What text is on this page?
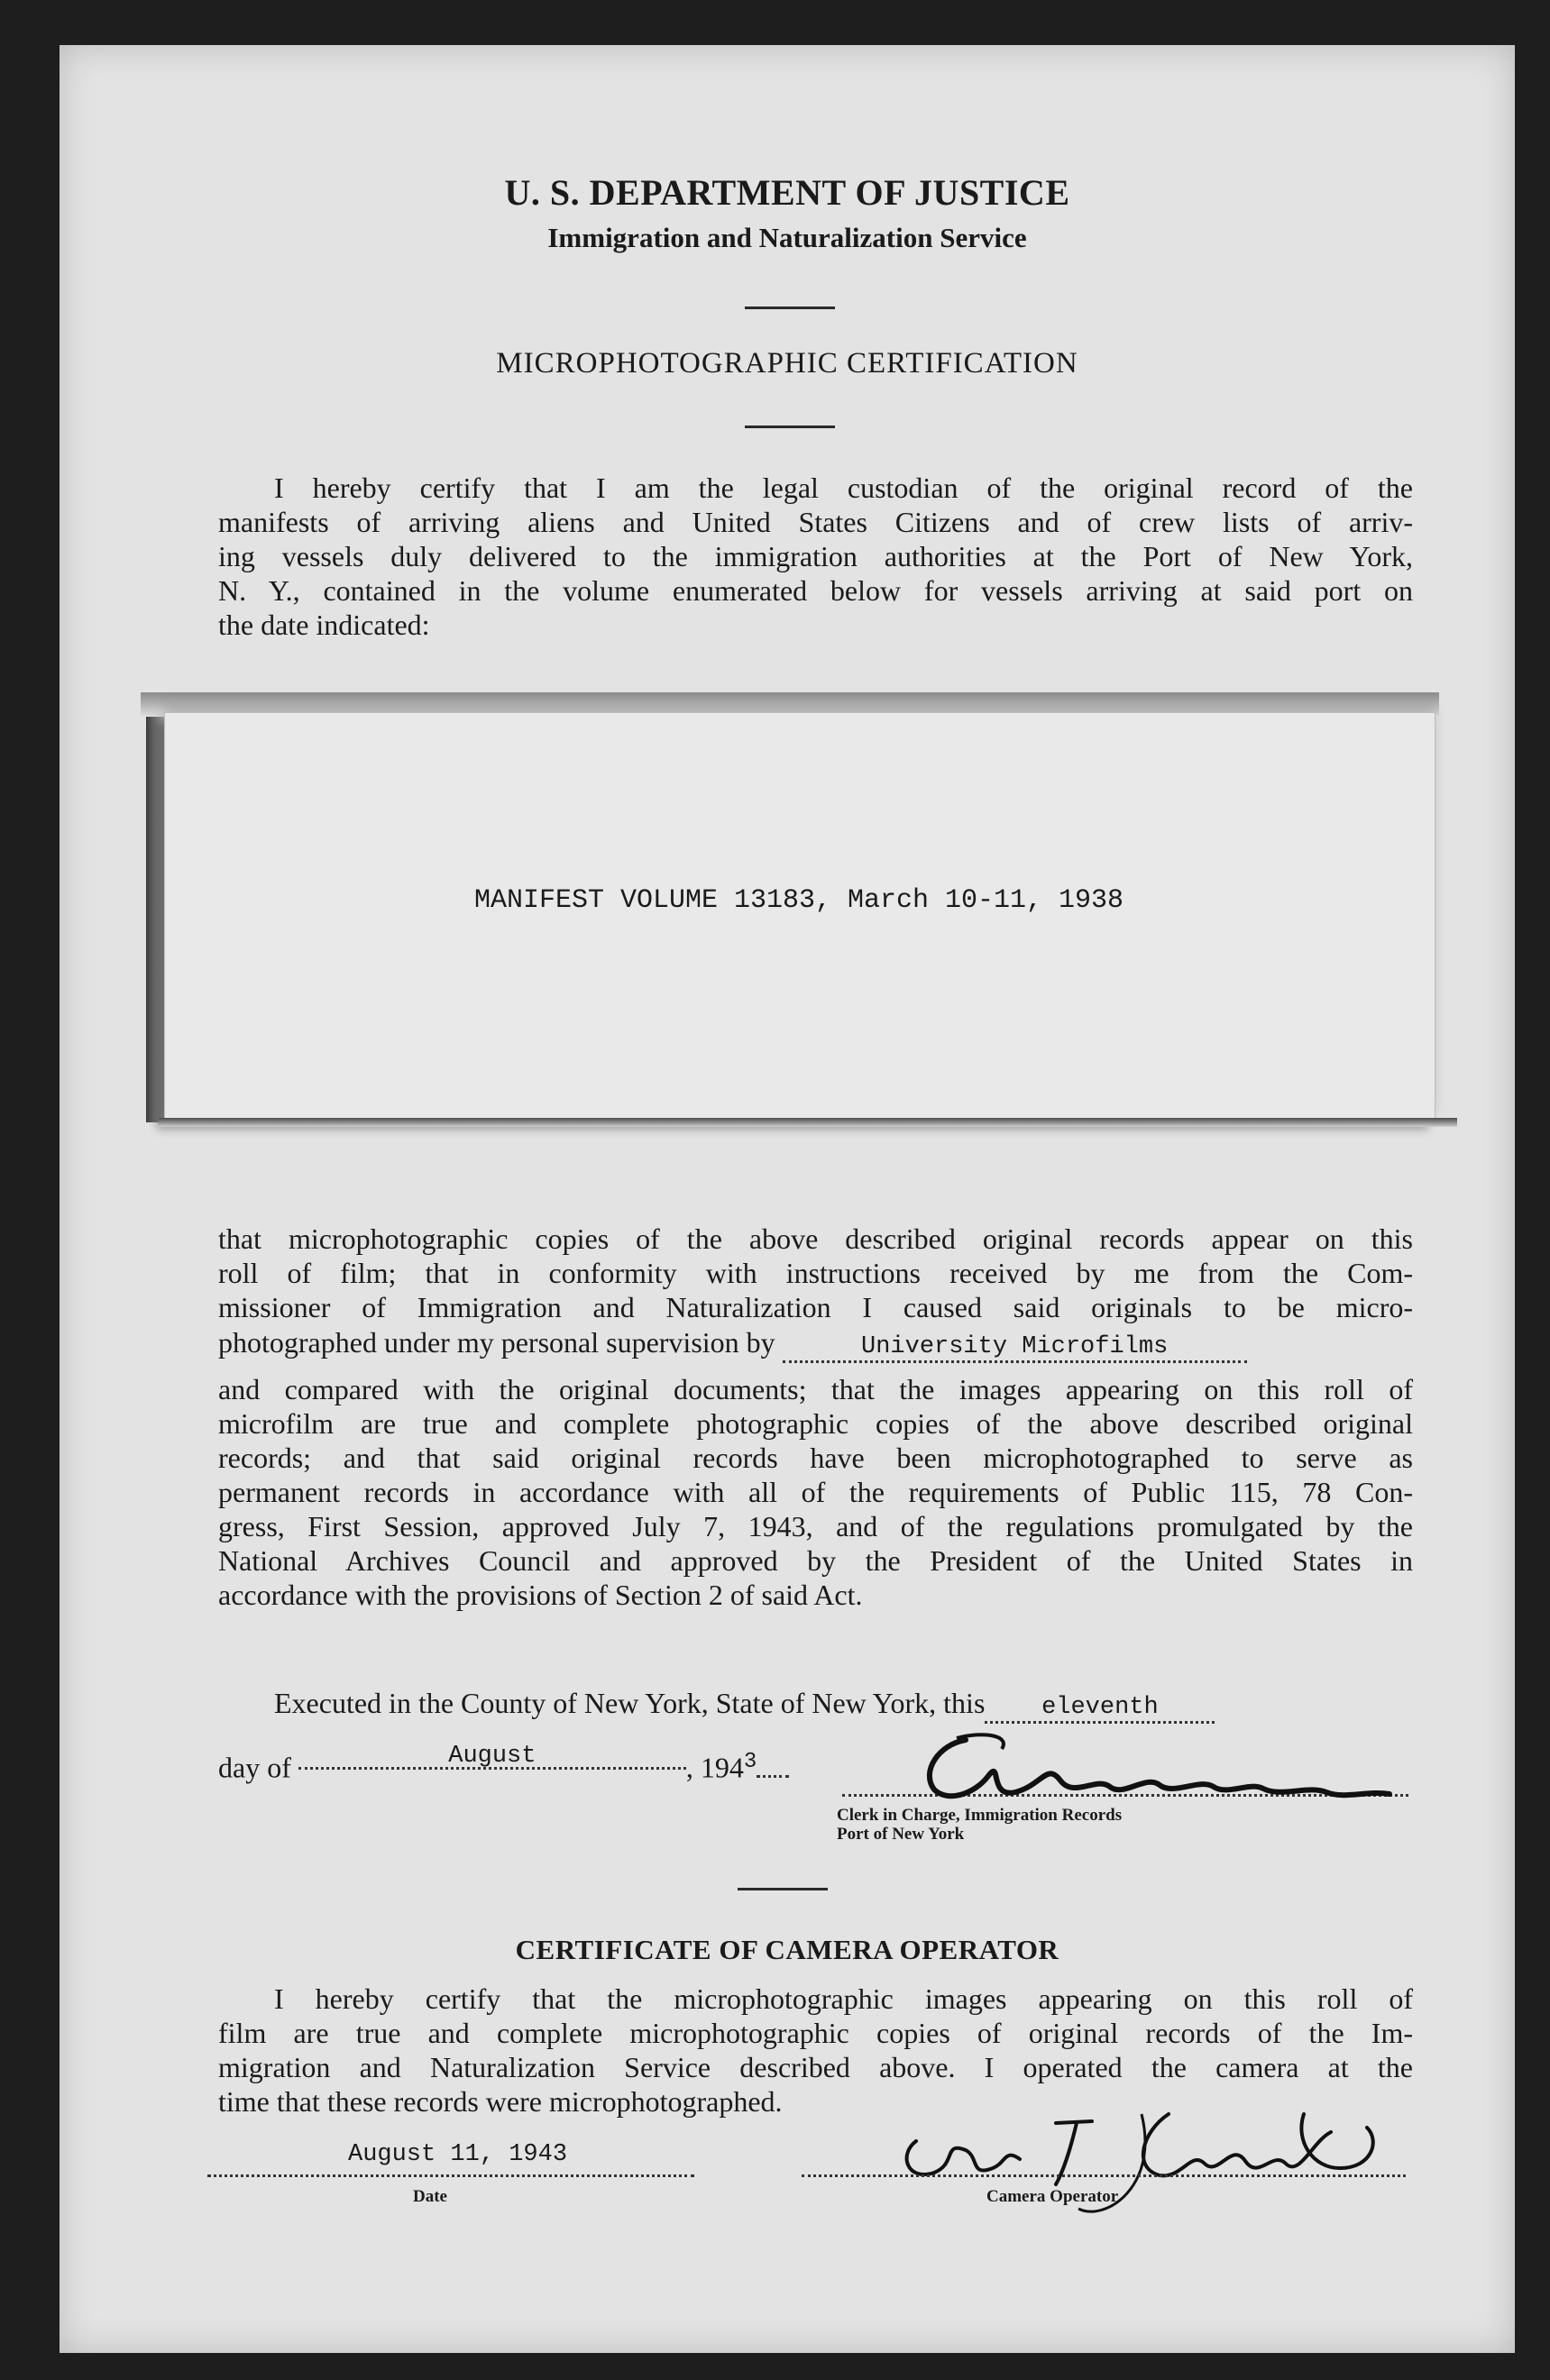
U. S. DEPARTMENT OF JUSTICE
Immigration and Naturalization Service
MICROPHOTOGRAPHIC CERTIFICATION
I hereby certify that I am the legal custodian of the original record of the
manifests of arriving aliens and United States Citizens and of crew lists of arriv-
ing vessels duly delivered to the immigration authorities at the Port of New York,
N. Y., contained in the volume enumerated below for vessels arriving at said port on
the date indicated:
MANIFEST VOLUME 13183, March 10-11, 1938
that microphotographic copies of the above described original records appear on this
roll of film; that in conformity with instructions received by me from the Com-
missioner of Immigration and Naturalization I caused said originals to be micro-
photographed under my personal supervision by	University Microfilms
and compared with the original documents; that the images appearing on this roll of
microfilm are true and complete photographic copies of the above described original
records; and that said original records have been microphotographed to serve as
permanent records in accordance with all of the requirements of Public 115, 78 Con-
gress, First Session, approved July 7, 1943, and of the regulations promulgated by the
National Archives Council and approved by the President of the United States in
accordance with the provisions of Section 2 of said Act.
Executed in the County of New York, State of New York, this eleventh
day of	August	, $194^3$
Clerk in Charge, Immigration Records
Port of New York
CERTIFICATE OF CAMERA OPERATOR
I hereby certify that the microphotographic images appearing on this roll of
film are true and complete microphotographic copies of original records of the Im-
migration and Naturalization Service described above. I operated the camera at the
time that these records were microphotographed.
August 11, 1943
Date	Camera Operator
